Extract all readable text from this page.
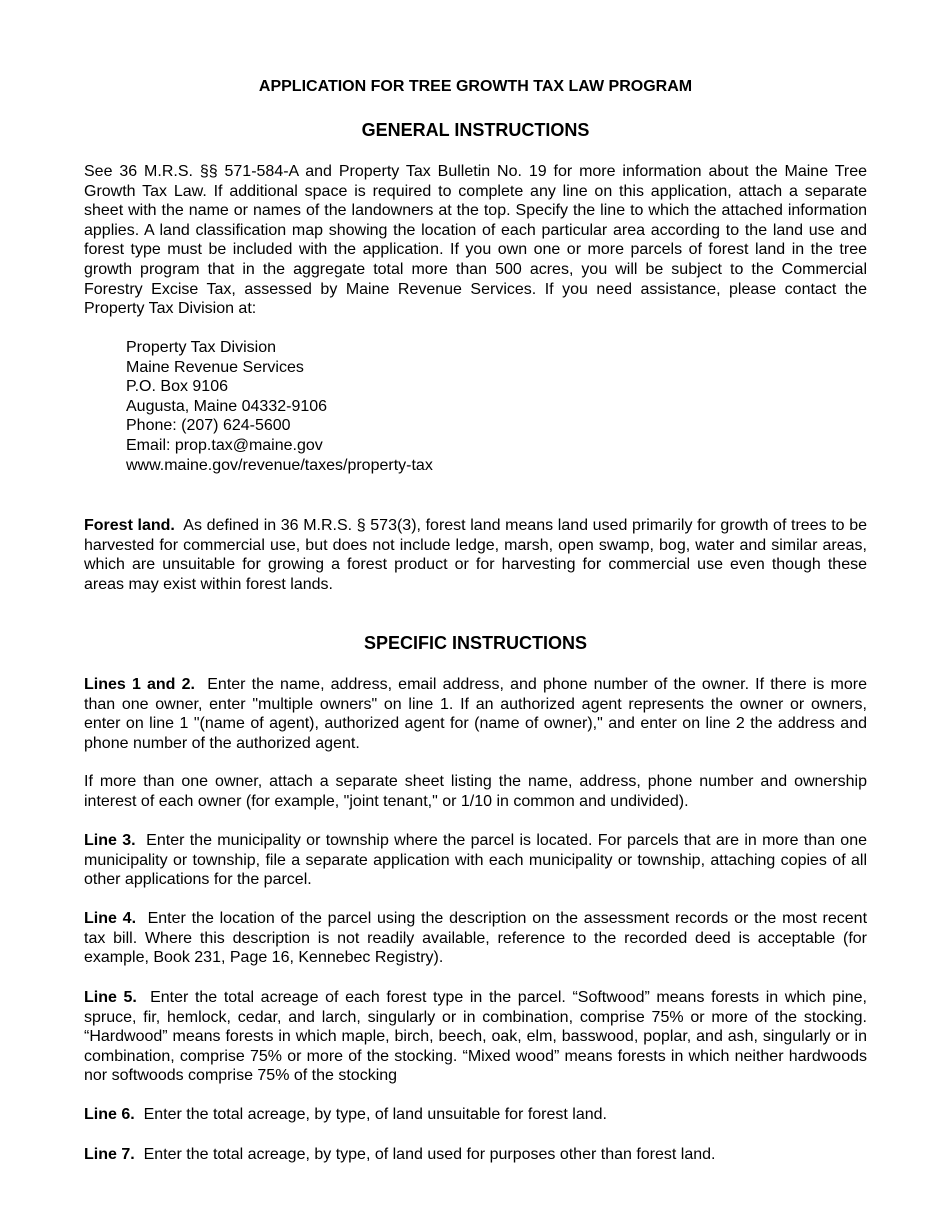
APPLICATION FOR TREE GROWTH TAX LAW PROGRAM
GENERAL INSTRUCTIONS

See 36 M.R.S. §§ 571-584-A and Property Tax Bulletin No. 19 for more information about the Maine Tree Growth Tax Law. If additional space is required to complete any line on this application, attach a separate sheet with the name or names of the landowners at the top. Specify the line to which the attached information applies. A land classification map showing the location of each particular area according to the land use and forest type must be included with the application. If you own one or more parcels of forest land in the tree growth program that in the aggregate total more than 500 acres, you will be subject to the Commercial Forestry Excise Tax, assessed by Maine Revenue Services. If you need assistance, please contact the Property Tax Division at:

Property Tax Division
Maine Revenue Services
P.O. Box 9106
Augusta, Maine 04332-9106
Phone: (207) 624-5600
Email: prop.tax@maine.gov
www.maine.gov/revenue/taxes/property-tax

Forest land. As defined in 36 M.R.S. § 573(3), forest land means land used primarily for growth of trees to be harvested for commercial use, but does not include ledge, marsh, open swamp, bog, water and similar areas, which are unsuitable for growing a forest product or for harvesting for commercial use even though these areas may exist within forest lands.

SPECIFIC INSTRUCTIONS

Lines 1 and 2. Enter the name, address, email address, and phone number of the owner. If there is more than one owner, enter "multiple owners" on line 1. If an authorized agent represents the owner or owners, enter on line 1 "(name of agent), authorized agent for (name of owner)," and enter on line 2 the address and phone number of the authorized agent.

If more than one owner, attach a separate sheet listing the name, address, phone number and ownership interest of each owner (for example, "joint tenant," or 1/10 in common and undivided).

Line 3. Enter the municipality or township where the parcel is located. For parcels that are in more than one municipality or township, file a separate application with each municipality or township, attaching copies of all other applications for the parcel.

Line 4. Enter the location of the parcel using the description on the assessment records or the most recent tax bill. Where this description is not readily available, reference to the recorded deed is acceptable (for example, Book 231, Page 16, Kennebec Registry).

Line 5. Enter the total acreage of each forest type in the parcel. “Softwood” means forests in which pine, spruce, fir, hemlock, cedar, and larch, singularly or in combination, comprise 75% or more of the stocking. “Hardwood” means forests in which maple, birch, beech, oak, elm, basswood, poplar, and ash, singularly or in combination, comprise 75% or more of the stocking. “Mixed wood” means forests in which neither hardwoods nor softwoods comprise 75% of the stocking

Line 6. Enter the total acreage, by type, of land unsuitable for forest land.

Line 7. Enter the total acreage, by type, of land used for purposes other than forest land.
